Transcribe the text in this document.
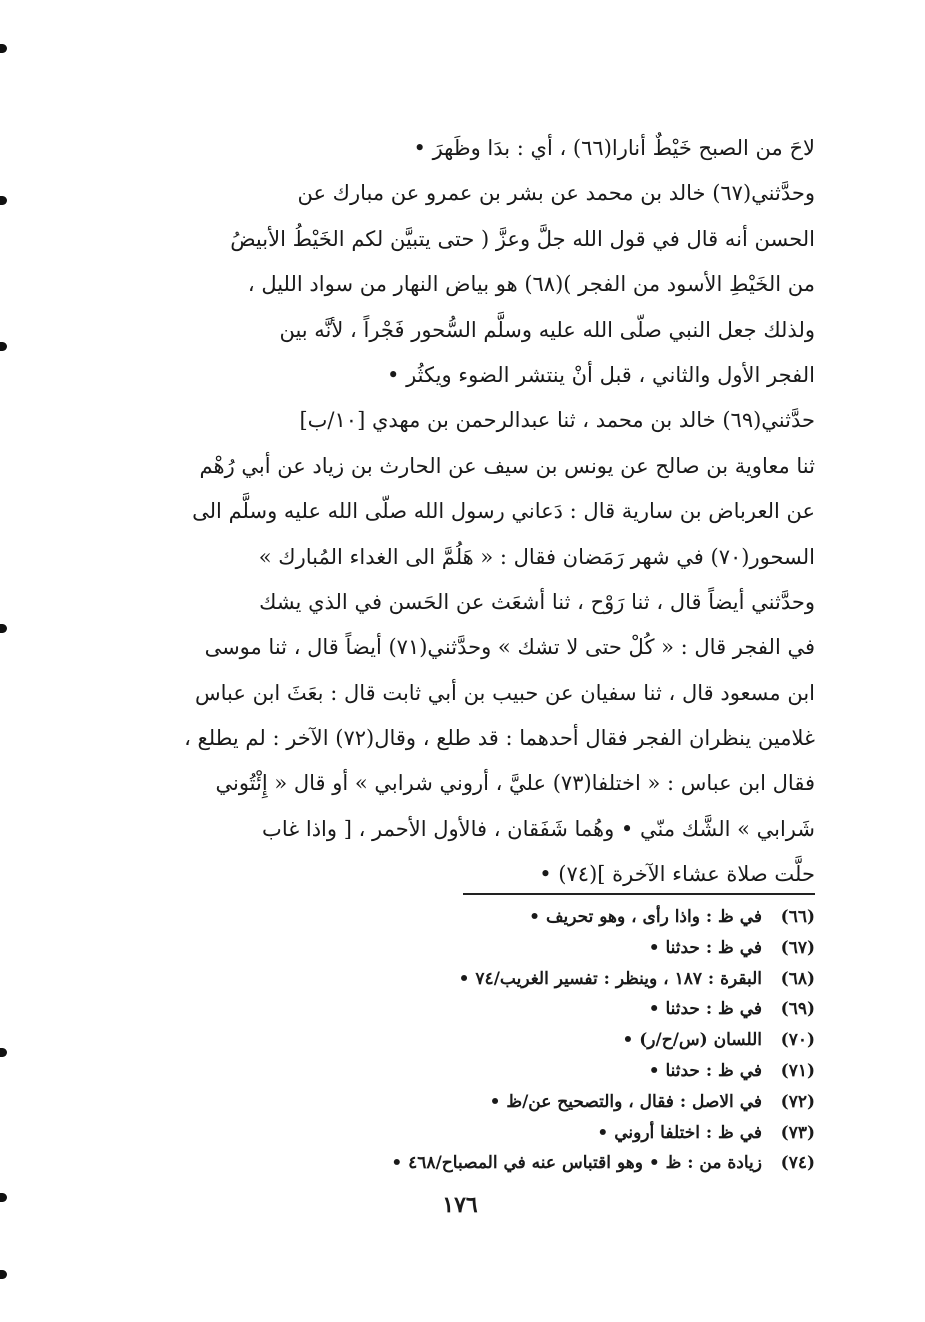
لاحَ من الصبح خَيْطٌ أنارا(٦٦) ، أي : بدَا وظَهرَ •
وحدَّثني(٦٧) خالد بن محمد عن بشر بن عمرو عن مبارك عن
الحسن أنه قال في قول الله جلَّ وعزَّ ( حتى يتبيَّن لكم الخَيْطُ الأبيضُ
من الخَيْطِ الأسود من الفجر )(٦٨) هو بياض النهار من سواد الليل ،
ولذلك جعل النبي صلّى الله عليه وسلَّم السُّحور فَجْراً ، لأنَّه بين
الفجر الأول والثاني ، قبل أنْ ينتشر الضوء ويكثُر •
حدَّثني(٦٩) خالد بن محمد ، ثنا عبدالرحمن بن مهدي [١٠/ب]
ثنا معاوية بن صالح عن يونس بن سيف عن الحارث بن زياد عن أبي رُهْم
عن العرباض بن سارية قال : دَعاني رسول الله صلّى الله عليه وسلَّم الى
السحور(٧٠) في شهر رَمَضان فقال : « هَلُمَّ الى الغداء المُبارك »
وحدَّثني أيضاً قال ، ثنا رَوْح ، ثنا أشعَث عن الحَسن في الذي يشك
في الفجر قال : « كُلْ حتى لا تشك » وحدَّثني(٧١) أيضاً قال ، ثنا موسى
ابن مسعود قال ، ثنا سفيان عن حبيب بن أبي ثابت قال : بعَثَ ابن عباس
غلامين ينظران الفجر فقال أحدهما : قد طلع ، وقال(٧٢) الآخر : لم يطلع ،
فقال ابن عباس : « اختلفا(٧٣) عليَّ ، أروني شرابي » أو قال « إِئْتُوني
شَرابي » الشَّك منّي • وهُما شَفَقان ، فالأول الأحمر ، [ واذا غاب
حلَّت صلاة عشاء الآخرة ](٧٤) •
(٦٦)
في ظ : واذا رأى ، وهو تحريف •
(٦٧)
في ظ : حدثنا •
(٦٨)
البقرة : ١٨٧ ، وينظر : تفسير الغريب/٧٤ •
(٦٩)
في ظ : حدثنا •
(٧٠)
اللسان (س/ح/ر) •
(٧١)
في ظ : حدثنا •
(٧٢)
في الاصل : فقال ، والتصحيح عن/ظ •
(٧٣)
في ظ : اختلفا أروني •
(٧٤)
زيادة من : ظ • وهو اقتباس عنه في المصباح/٤٦٨ •
١٧٦
